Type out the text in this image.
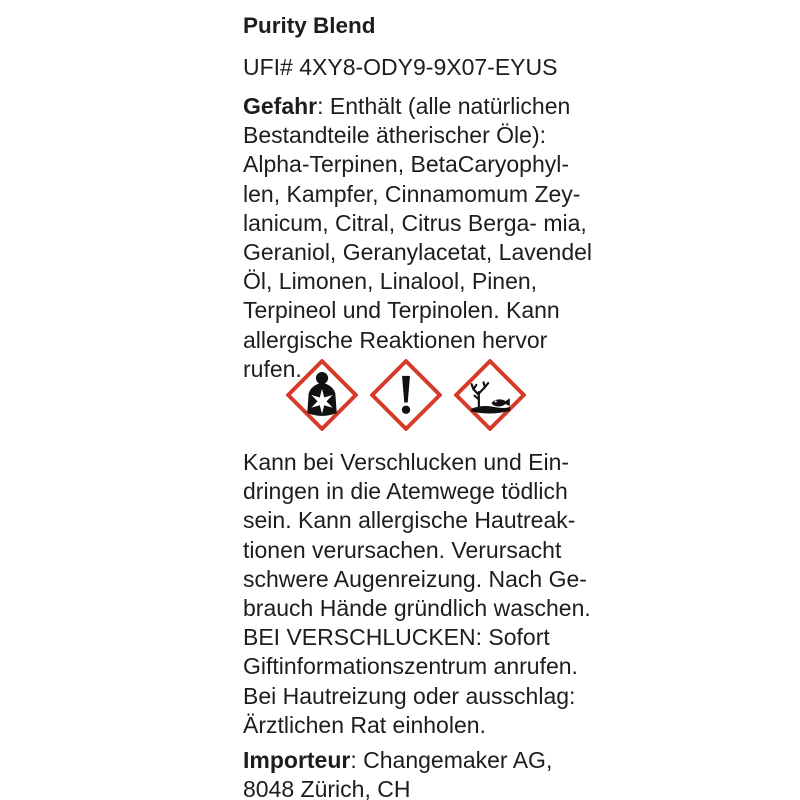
Purity Blend
UFI# 4XY8-ODY9-9X07-EYUS
Gefahr: Enthält (alle natürlichen
Bestandteile ätherischer Öle):
Alpha-Terpinen, BetaCaryophyl-
len, Kampfer, Cinnamomum Zey-
lanicum, Citral, Citrus Berga- mia,
Geraniol, Geranylacetat, Lavendel
Öl, Limonen, Linalool, Pinen,
Terpineol und Terpinolen. Kann
allergische Reaktionen hervor
rufen.
Kann bei Verschlucken und Ein-
dringen in die Atemwege tödlich
sein. Kann allergische Hautreak-
tionen verursachen. Verursacht
schwere Augenreizung. Nach Ge-
brauch Hände gründlich waschen.
BEI VERSCHLUCKEN: Sofort
Giftinformationszentrum anrufen.
Bei Hautreizung oder ausschlag:
Ärztlichen Rat einholen.
Importeur: Changemaker AG,
8048 Zürich, CH
